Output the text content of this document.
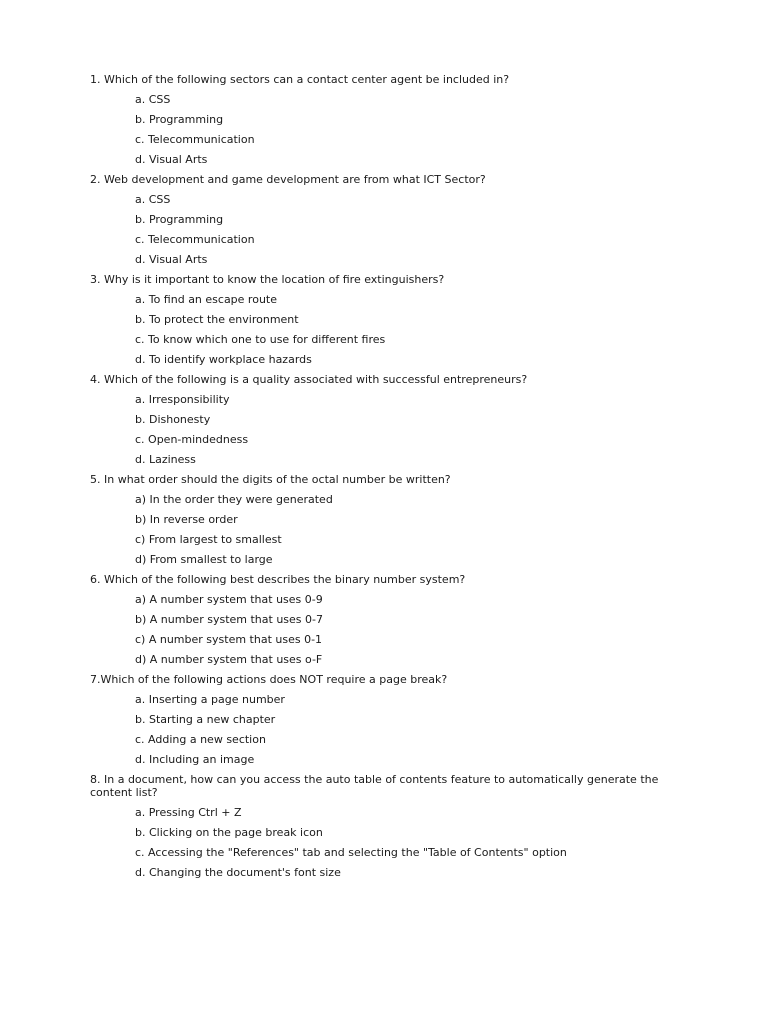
1. Which of the following sectors can a contact center agent be included in?

a. CSS
b. Programming
c. Telecommunication
d. Visual Arts

2. Web development and game development are from what ICT Sector?

a. CSS
b. Programming
c. Telecommunication
d. Visual Arts

3. Why is it important to know the location of fire extinguishers?

a. To find an escape route
b. To protect the environment
c. To know which one to use for different fires
d. To identify workplace hazards

4. Which of the following is a quality associated with successful entrepreneurs?

a. Irresponsibility
b. Dishonesty
c. Open-mindedness
d. Laziness

5. In what order should the digits of the octal number be written?

a) In the order they were generated
b) In reverse order
c) From largest to smallest
d) From smallest to large

6. Which of the following best describes the binary number system?

a) A number system that uses 0-9
b) A number system that uses 0-7
c) A number system that uses 0-1
d) A number system that uses o-F

7.Which of the following actions does NOT require a page break?

a. Inserting a page number
b. Starting a new chapter
c. Adding a new section
d. Including an image

8. In a document, how can you access the auto table of contents feature to automatically generate the content list?

a. Pressing Ctrl + Z
b. Clicking on the page break icon
c. Accessing the "References" tab and selecting the "Table of Contents" option
d. Changing the document's font size
